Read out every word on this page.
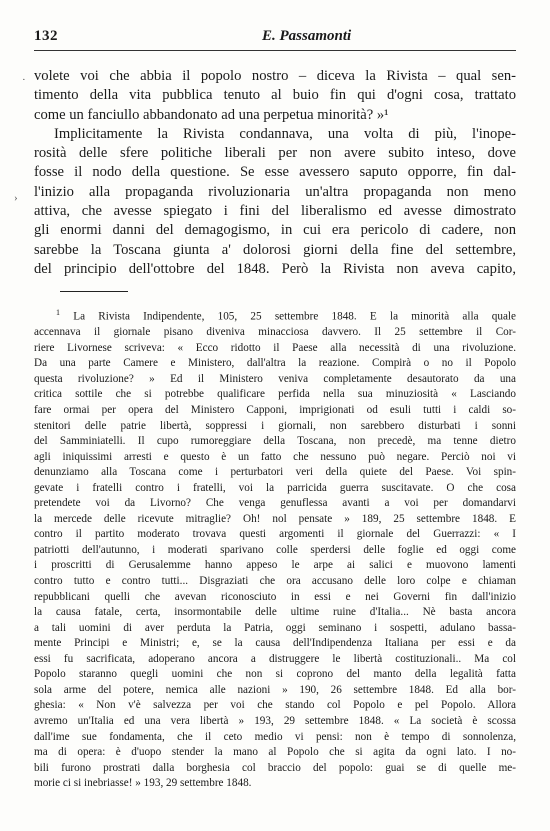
132	E. Passamonti
·
›
volete voi che abbia il popolo nostro – diceva la Rivista – qual sen-
timento della vita pubblica tenuto al buio fin qui d'ogni cosa, trattato
come un fanciullo abbandonato ad una perpetua minorità? »¹
Implicitamente la Rivista condannava, una volta di più, l'inope-
rosità delle sfere politiche liberali per non avere subito inteso, dove
fosse il nodo della questione. Se esse avessero saputo opporre, fin dal-
l'inizio alla propaganda rivoluzionaria un'altra propaganda non meno
attiva, che avesse spiegato i fini del liberalismo ed avesse dimostrato
gli enormi danni del demagogismo, in cui era pericolo di cadere, non
sarebbe la Toscana giunta a' dolorosi giorni della fine del settembre,
del principio dell'ottobre del 1848. Però la Rivista non aveva capito,
$^1$ La Rivista Indipendente, 105, 25 settembre 1848. E la minorità alla quale
accennava il giornale pisano diveniva minacciosa davvero. Il 25 settembre il Cor-
riere Livornese scriveva: « Ecco ridotto il Paese alla necessità di una rivoluzione.
Da una parte Camere e Ministero, dall'altra la reazione. Compirà o no il Popolo
questa rivoluzione? » Ed il Ministero veniva completamente desautorato da una
critica sottile che si potrebbe qualificare perfida nella sua minuziosità « Lasciando
fare ormai per opera del Ministero Capponi, imprigionati od esuli tutti i caldi so-
stenitori delle patrie libertà, soppressi i giornali, non sarebbero disturbati i sonni
del Samminiatelli. Il cupo rumoreggiare della Toscana, non precedè, ma tenne dietro
agli iniquissimi arresti e questo è un fatto che nessuno può negare. Perciò noi vi
denunziamo alla Toscana come i perturbatori veri della quiete del Paese. Voi spin-
gevate i fratelli contro i fratelli, voi la parricida guerra suscitavate. O che cosa
pretendete voi da Livorno? Che venga genuflessa avanti a voi per domandarvi
la mercede delle ricevute mitraglie? Oh! nol pensate » 189, 25 settembre 1848. E
contro il partito moderato trovava questi argomenti il giornale del Guerrazzi: « I
patriotti dell'autunno, i moderati sparivano colle sperdersi delle foglie ed oggi come
i proscritti di Gerusalemme hanno appeso le arpe ai salici e muovono lamenti
contro tutto e contro tutti... Disgraziati che ora accusano delle loro colpe e chiaman
repubblicani quelli che avevan riconosciuto in essi e nei Governi fin dall'inizio
la causa fatale, certa, insormontabile delle ultime ruine d'Italia... Nè basta ancora
a tali uomini di aver perduta la Patria, oggi seminano i sospetti, adulano bassa-
mente Principi e Ministri; e, se la causa dell'Indipendenza Italiana per essi e da
essi fu sacrificata, adoperano ancora a distruggere le libertà costituzionali.. Ma col
Popolo staranno quegli uomini che non si coprono del manto della legalità fatta
sola arme del potere, nemica alle nazioni » 190, 26 settembre 1848. Ed alla bor-
ghesia: « Non v'è salvezza per voi che stando col Popolo e pel Popolo. Allora
avremo un'Italia ed una vera libertà » 193, 29 settembre 1848. « La società è scossa
dall'ime sue fondamenta, che il ceto medio vi pensi: non è tempo di sonnolenza,
ma di opera: è d'uopo stender la mano al Popolo che si agita da ogni lato. I no-
bili furono prostrati dalla borghesia col braccio del popolo: guai se di quelle me-
morie ci si inebriasse! » 193, 29 settembre 1848.
